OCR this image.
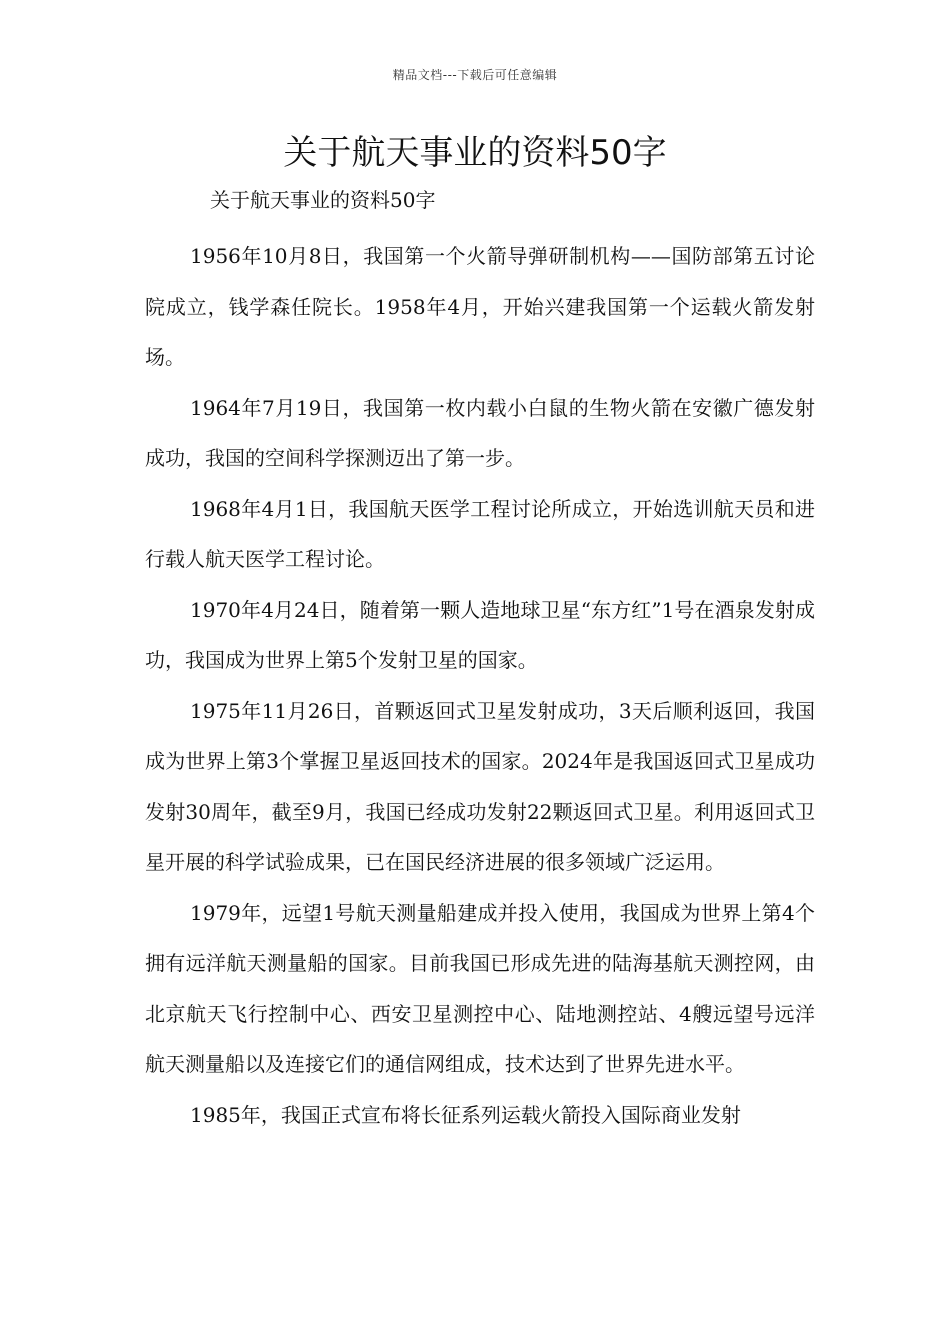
精品文档---下载后可任意编辑
关于航天事业的资料50字
关于航天事业的资料50字

1956年10月8日，我国第一个火箭导弹研制机构——国防部第五讨论院成立，钱学森任院长。1958年4月，开始兴建我国第一个运载火箭发射场。

1964年7月19日，我国第一枚内载小白鼠的生物火箭在安徽广德发射成功，我国的空间科学探测迈出了第一步。

1968年4月1日，我国航天医学工程讨论所成立，开始选训航天员和进行载人航天医学工程讨论。

1970年4月24日，随着第一颗人造地球卫星“东方红”1号在酒泉发射成功，我国成为世界上第5个发射卫星的国家。

1975年11月26日，首颗返回式卫星发射成功，3天后顺利返回，我国成为世界上第3个掌握卫星返回技术的国家。2024年是我国返回式卫星成功发射30周年，截至9月，我国已经成功发射22颗返回式卫星。利用返回式卫星开展的科学试验成果，已在国民经济进展的很多领域广泛运用。

1979年，远望1号航天测量船建成并投入使用，我国成为世界上第4个拥有远洋航天测量船的国家。目前我国已形成先进的陆海基航天测控网，由北京航天飞行控制中心、西安卫星测控中心、陆地测控站、4艘远望号远洋航天测量船以及连接它们的通信网组成，技术达到了世界先进水平。

1985年，我国正式宣布将长征系列运载火箭投入国际商业发射
